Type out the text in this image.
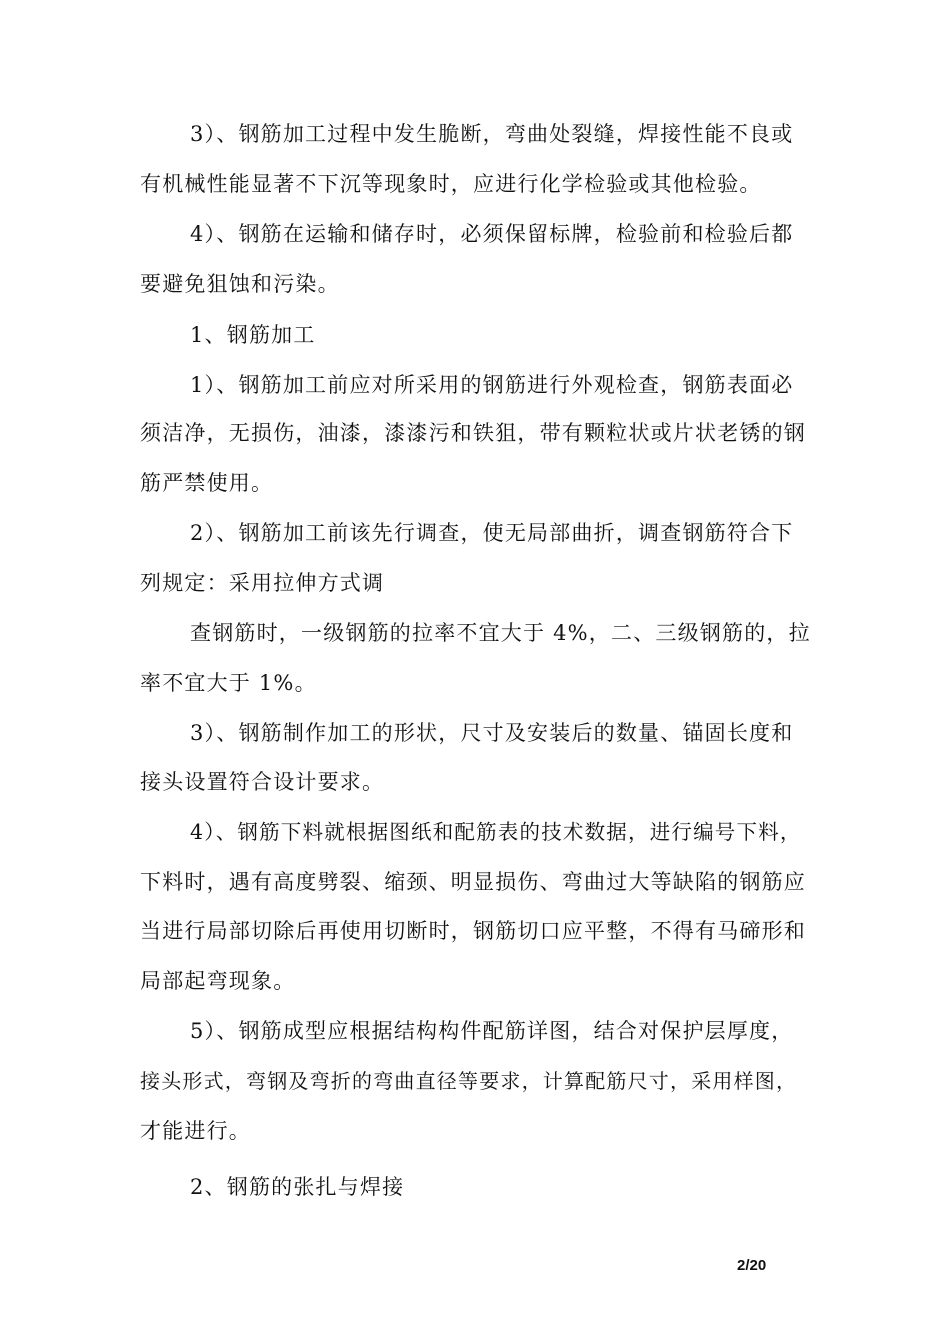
3）、钢筋加工过程中发生脆断，弯曲处裂缝，焊接性能不良或
有机械性能显著不下沉等现象时，应进行化学检验或其他检验。
4）、钢筋在运输和储存时，必须保留标牌，检验前和检验后都
要避免狙蚀和污染。
1、钢筋加工
1）、钢筋加工前应对所采用的钢筋进行外观检查，钢筋表面必
须洁净，无损伤，油漆，漆漆污和铁狙，带有颗粒状或片状老锈的钢
筋严禁使用。
2）、钢筋加工前该先行调查，使无局部曲折，调查钢筋符合下
列规定：采用拉伸方式调
查钢筋时，一级钢筋的拉率不宜大于 4%，二、三级钢筋的，拉
率不宜大于 1%。
3）、钢筋制作加工的形状，尺寸及安装后的数量、锚固长度和
接头设置符合设计要求。
4）、钢筋下料就根据图纸和配筋表的技术数据，进行编号下料，
下料时，遇有高度劈裂、缩颈、明显损伤、弯曲过大等缺陷的钢筋应
当进行局部切除后再使用切断时，钢筋切口应平整，不得有马碲形和
局部起弯现象。
5）、钢筋成型应根据结构构件配筋详图，结合对保护层厚度，
接头形式，弯钢及弯折的弯曲直径等要求，计算配筋尺寸，采用样图，
才能进行。
2、钢筋的张扎与焊接
2/20
